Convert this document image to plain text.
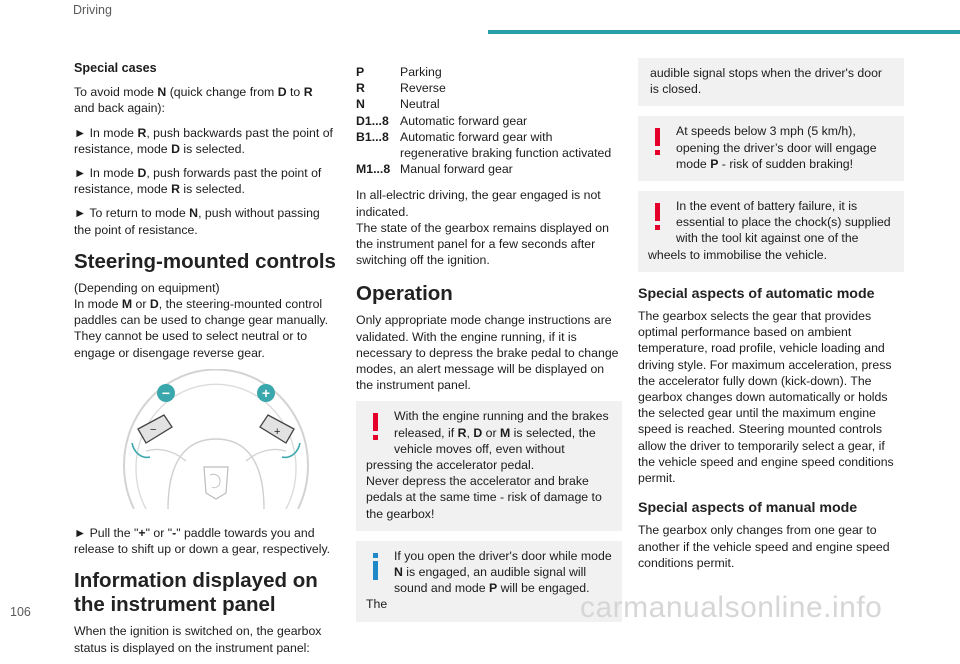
Driving
Special cases

To avoid mode N (quick change from D to R and back again):

► In mode R, push backwards past the point of resistance, mode D is selected.

► In mode D, push forwards past the point of resistance, mode R is selected.

► To return to mode N, push without passing the point of resistance.

Steering-mounted controls

(Depending on equipment)

In mode M or D, the steering-mounted control paddles can be used to change gear manually. They cannot be used to select neutral or to engage or disengage reverse gear.

−	+
−	+

► Pull the "+" or "-" paddle towards you and release to shift up or down a gear, respectively.

Information displayed on the instrument panel

When the ignition is switched on, the gearbox status is displayed on the instrument panel:

P	Parking
R	Reverse
N	Neutral
D1...8 Automatic forward gear
B1...8 Automatic forward gear with regenerative braking function activated
M1...8 Manual forward gear

In all-electric driving, the gear engaged is not indicated.

The state of the gearbox remains displayed on the instrument panel for a few seconds after switching off the ignition.

Operation

Only appropriate mode change instructions are validated. With the engine running, if it is necessary to depress the brake pedal to change modes, an alert message will be displayed on the instrument panel.

With the engine running and the brakes released, if R, D or M is selected, the vehicle moves off, even without pressing the accelerator pedal.

Never depress the accelerator and brake pedals at the same time - risk of damage to the gearbox!

If you open the driver's door while mode N is engaged, an audible signal will sound and mode P will be engaged. The

audible signal stops when the driver's door is closed.

At speeds below 3 mph (5 km/h), opening the driver’s door will engage mode P - risk of sudden braking!

In the event of battery failure, it is essential to place the chock(s) supplied with the tool kit against one of the wheels to immobilise the vehicle.

Special aspects of automatic mode

The gearbox selects the gear that provides optimal performance based on ambient temperature, road profile, vehicle loading and driving style. For maximum acceleration, press the accelerator fully down (kick-down). The gearbox changes down automatically or holds the selected gear until the maximum engine speed is reached. Steering mounted controls allow the driver to temporarily select a gear, if the vehicle speed and engine speed conditions permit.

Special aspects of manual mode

The gearbox only changes from one gear to another if the vehicle speed and engine speed conditions permit.

106	carmanualsonline.info
